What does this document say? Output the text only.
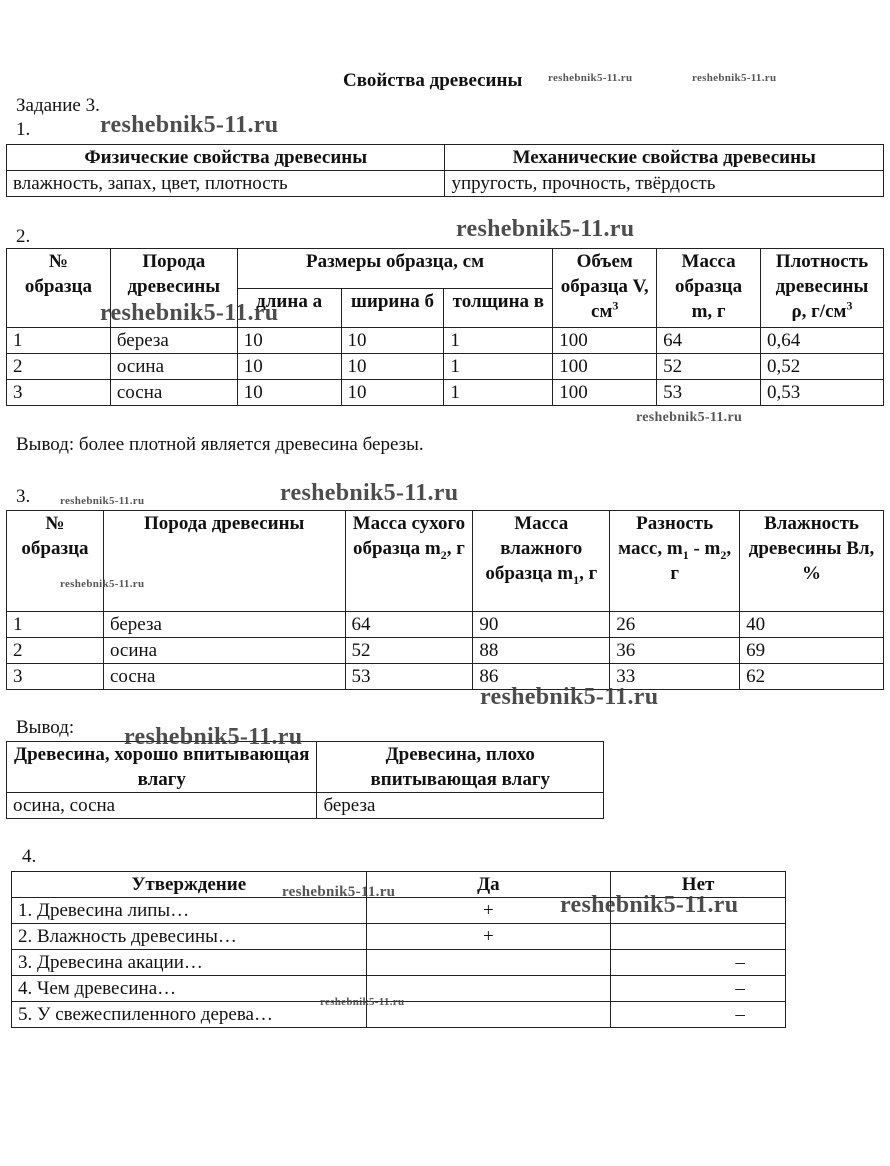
Свойства древесины
Задание 3.
1.
Физические свойства древесины	Механические свойства древесины
влажность, запах, цвет, плотность	упругость, прочность, твёрдость
2.
№ образца	Порода древесины	Размеры образца, см			Объем образца V, $см^3$	Масса образца m, г	Плотность древесины ρ, $г/см^3$
		длина а	ширина б	толщина в			
1	береза	10	10	1	100	64	0,64
2	осина	10	10	1	100	52	0,52
3	сосна	10	10	1	100	53	0,53
Вывод: более плотной является древесина березы.
3.
№ образца	Порода древесины	Масса сухого образца $m_2$, г	Масса влажного образца $m_1$, г	Разность масс, $m_1 - m_2$, г	Влажность древесины Вл, %
1	береза	64	90	26	40
2	осина	52	88	36	69
3	сосна	53	86	33	62
Вывод:
Древесина, хорошо впитывающая влагу	Древесина, плохо впитывающая влагу
осина, сосна	береза
4.
Утверждение	Да	Нет
1. Древесина липы…	+	
2. Влажность древесины…	+	
3. Древесина акации…		–
4. Чем древесина…		–
5. У свежеспиленного дерева…		–
reshebnik5-11.ru
reshebnik5-11.ru	reshebnik5-11.ru
reshebnik5-11.ru
reshebnik5-11.ru
reshebnik5-11.ru
reshebnik5-11.ru	reshebnik5-11.ru
reshebnik5-11.ru
reshebnik5-11.ru
reshebnik5-11.ru
reshebnik5-11.ru	reshebnik5-11.ru
reshebnik5-11.ru
